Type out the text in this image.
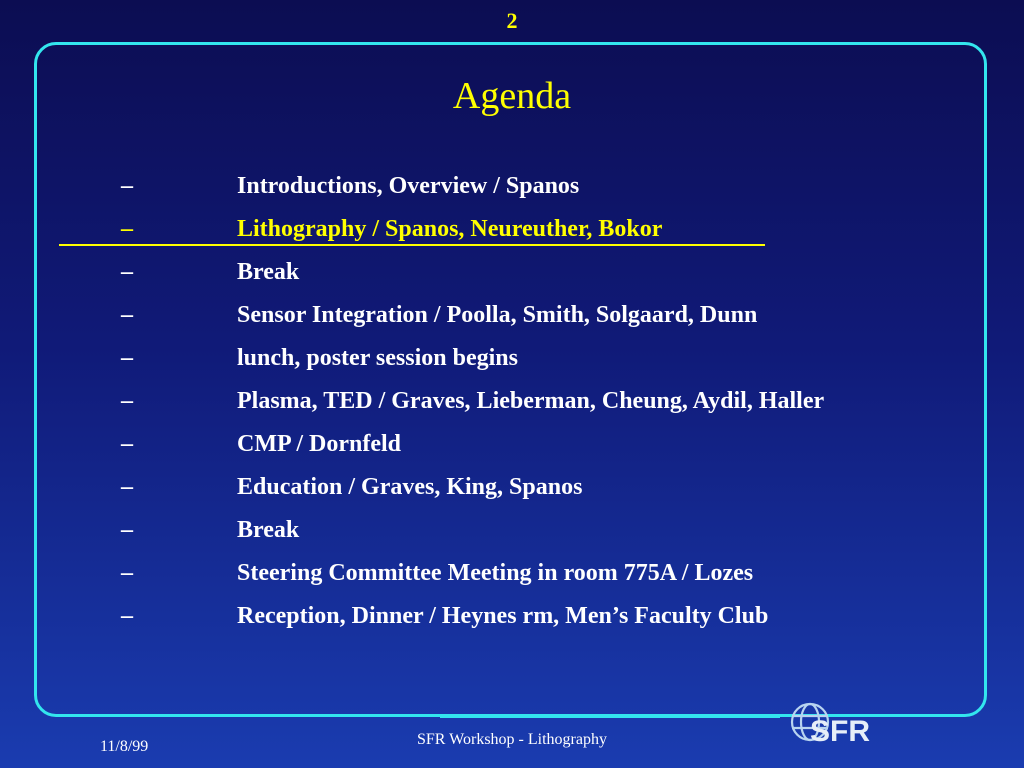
2
Agenda
–	Introductions, Overview / Spanos
–	Lithography / Spanos, Neureuther, Bokor
–	Break
–	Sensor Integration / Poolla, Smith, Solgaard, Dunn
–	lunch, poster session begins
–	Plasma, TED / Graves, Lieberman, Cheung, Aydil, Haller
–	CMP / Dornfeld
–	Education / Graves, King, Spanos
–	Break
–	Steering Committee Meeting in room 775A / Lozes
–	Reception, Dinner / Heynes rm, Men’s Faculty Club
SFR
SFR Workshop - Lithography
11/8/99
